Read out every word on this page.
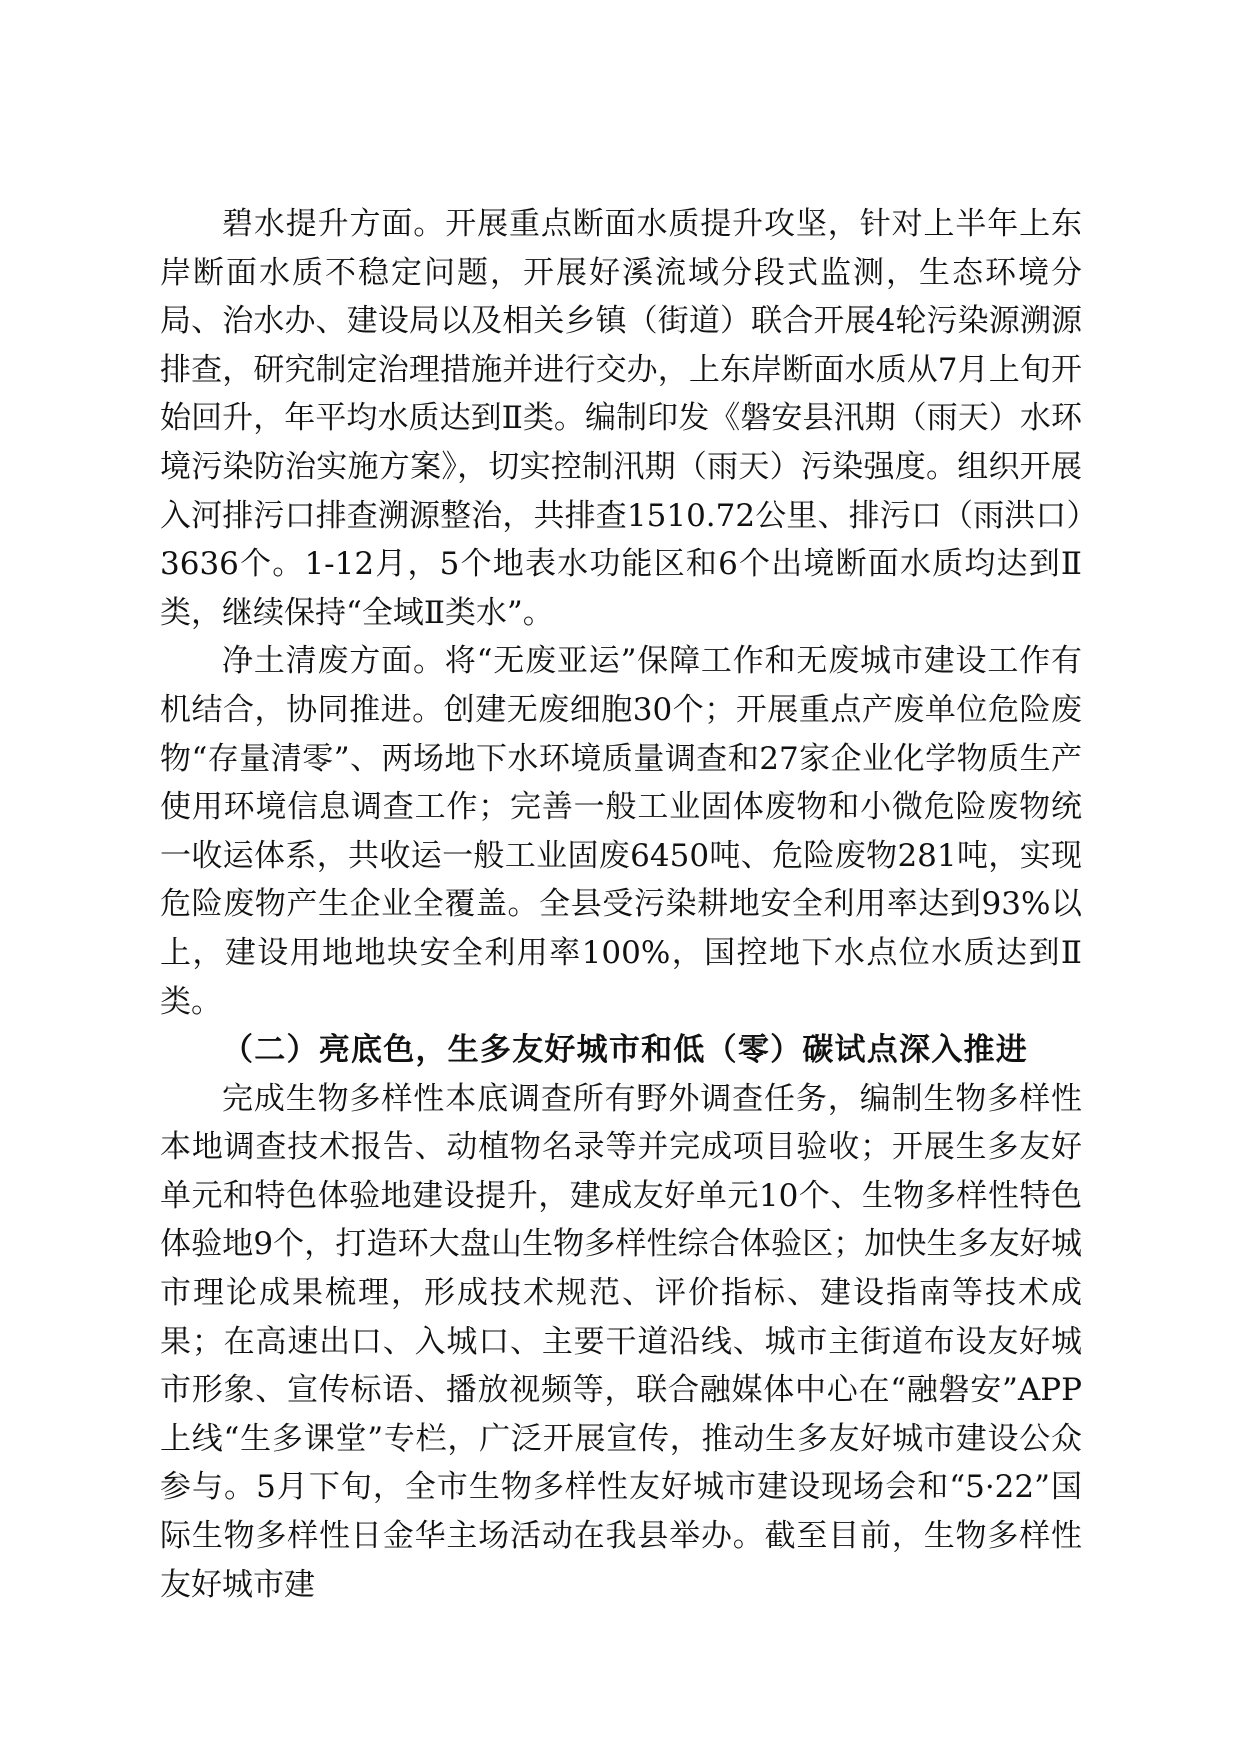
碧水提升方面。开展重点断面水质提升攻坚，针对上半年上东岸断面水质不稳定问题，开展好溪流域分段式监测，生态环境分局、治水办、建设局以及相关乡镇（街道）联合开展4轮污染源溯源排查，研究制定治理措施并进行交办，上东岸断面水质从7月上旬开始回升，年平均水质达到Ⅱ类。编制印发《磐安县汛期（雨天）水环境污染防治实施方案》，切实控制汛期（雨天）污染强度。组织开展入河排污口排查溯源整治，共排查1510.72公里、排污口（雨洪口）3636个。1-12月，5个地表水功能区和6个出境断面水质均达到Ⅱ类，继续保持“全域Ⅱ类水”。

净土清废方面。将“无废亚运”保障工作和无废城市建设工作有机结合，协同推进。创建无废细胞30个；开展重点产废单位危险废物“存量清零”、两场地下水环境质量调查和27家企业化学物质生产使用环境信息调查工作；完善一般工业固体废物和小微危险废物统一收运体系，共收运一般工业固废6450吨、危险废物281吨，实现危险废物产生企业全覆盖。全县受污染耕地安全利用率达到93%以上，建设用地地块安全利用率100%，国控地下水点位水质达到Ⅱ类。

（二）亮底色，生多友好城市和低（零）碳试点深入推进

完成生物多样性本底调查所有野外调查任务，编制生物多样性本地调查技术报告、动植物名录等并完成项目验收；开展生多友好单元和特色体验地建设提升，建成友好单元10个、生物多样性特色体验地9个，打造环大盘山生物多样性综合体验区；加快生多友好城市理论成果梳理，形成技术规范、评价指标、建设指南等技术成果；在高速出口、入城口、主要干道沿线、城市主街道布设友好城市形象、宣传标语、播放视频等，联合融媒体中心在“融磐安”APP上线“生多课堂”专栏，广泛开展宣传，推动生多友好城市建设公众参与。5月下旬，全市生物多样性友好城市建设现场会和“5·22”国际生物多样性日金华主场活动在我县举办。截至目前，生物多样性友好城市建
